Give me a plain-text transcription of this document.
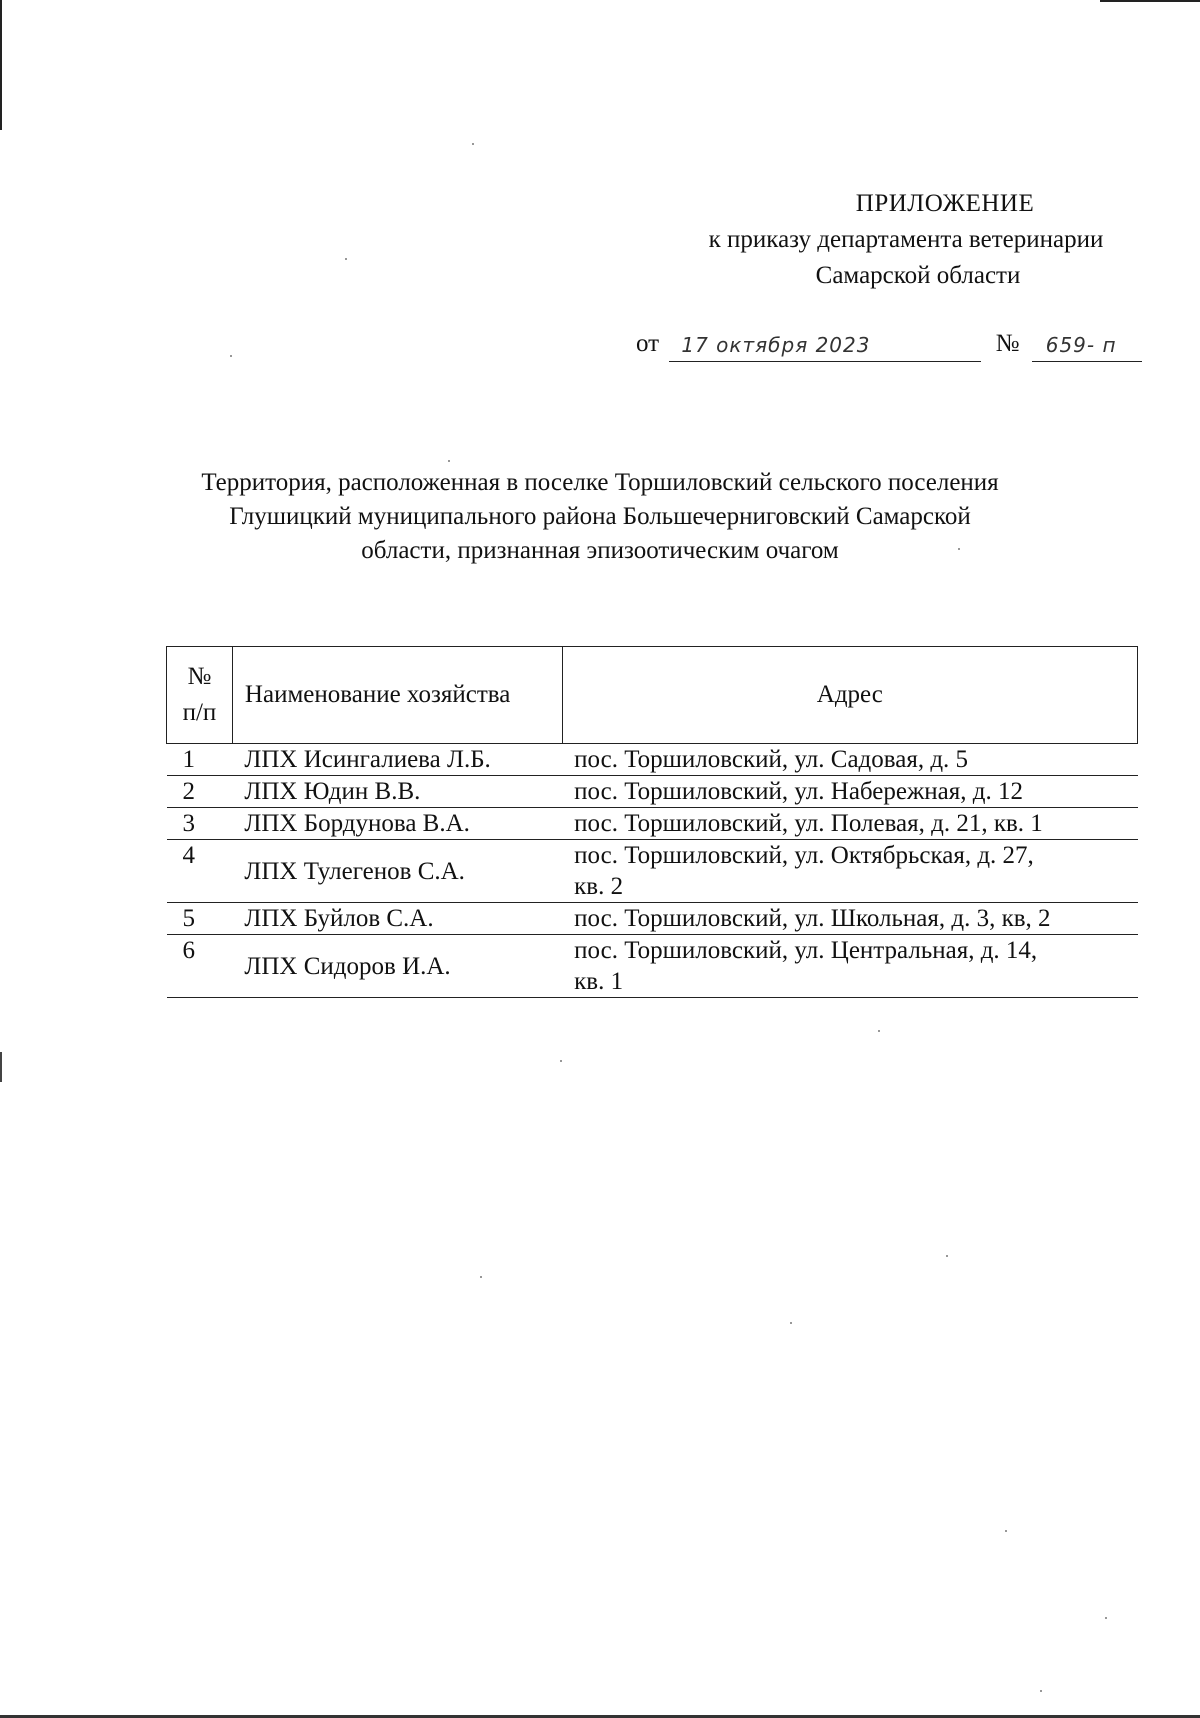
ПРИЛОЖЕНИЕ
к приказу департамента ветеринарии
Самарской области
от 17 октября 2023	№ 659- п
Территория, расположенная в поселке Торшиловский сельского поселения
Глушицкий муниципального района Большечерниговский Самарской
области, признанная эпизоотическим очагом
№
п/п	Наименование хозяйства	Адрес
1	ЛПХ Исингалиева Л.Б.	пос. Торшиловский, ул. Садовая, д. 5

2	ЛПХ Юдин В.В.	пос. Торшиловский, ул. Набережная, д. 12

3	ЛПХ Бордунова В.А.	пос. Торшиловский, ул. Полевая, д. 21, кв. 1

4	ЛПХ Тулегенов С.А.	пос. Торшиловский, ул. Октябрьская, д. 27,
кв. 2

5	ЛПХ Буйлов С.А.	пос. Торшиловский, ул. Школьная, д. 3, кв, 2

6	ЛПХ Сидоров И.А.	пос. Торшиловский, ул. Центральная, д. 14,
кв. 1
